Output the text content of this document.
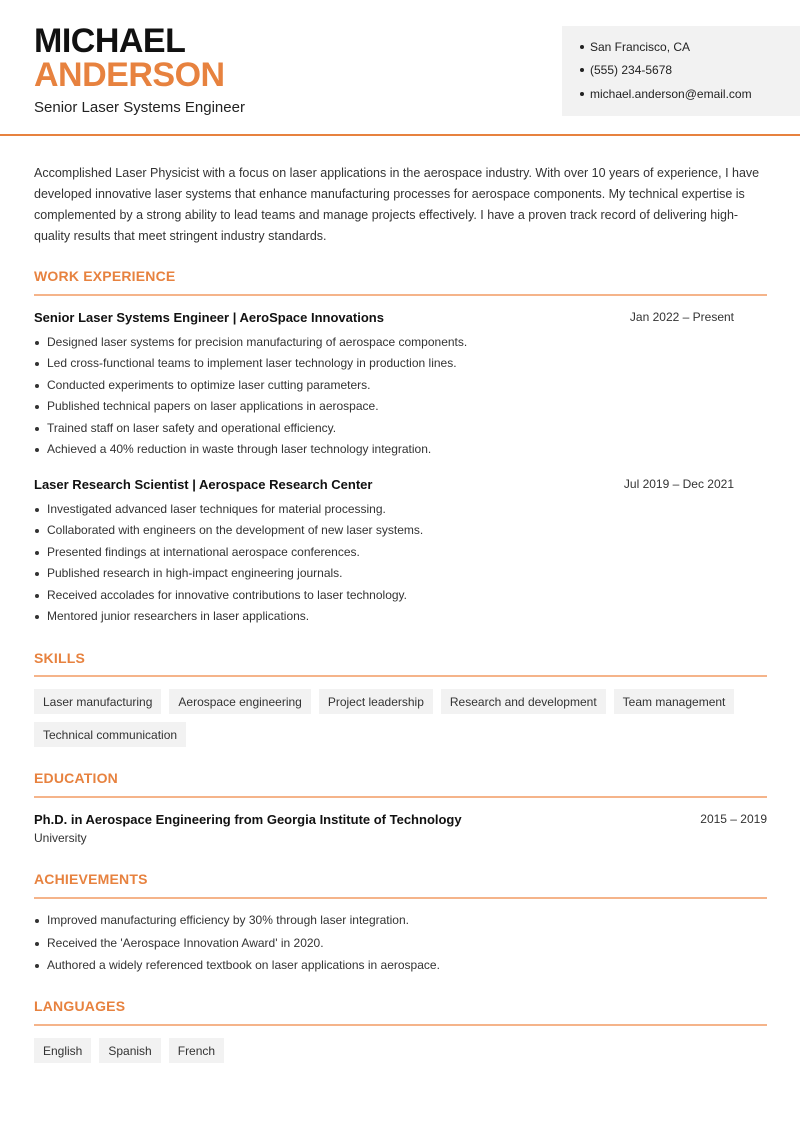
MICHAEL
ANDERSON
Senior Laser Systems Engineer
San Francisco, CA
(555) 234-5678
michael.anderson@email.com

Accomplished Laser Physicist with a focus on laser applications in the aerospace industry. With over 10 years of experience, I have developed innovative laser systems that enhance manufacturing processes for aerospace components. My technical expertise is complemented by a strong ability to lead teams and manage projects effectively. I have a proven track record of delivering high-quality results that meet stringent industry standards.

WORK EXPERIENCE
Senior Laser Systems Engineer | AeroSpace Innovations	Jan 2022 – Present
Designed laser systems for precision manufacturing of aerospace components.
Led cross-functional teams to implement laser technology in production lines.
Conducted experiments to optimize laser cutting parameters.
Published technical papers on laser applications in aerospace.
Trained staff on laser safety and operational efficiency.
Achieved a 40% reduction in waste through laser technology integration.
Laser Research Scientist | Aerospace Research Center	Jul 2019 – Dec 2021
Investigated advanced laser techniques for material processing.
Collaborated with engineers on the development of new laser systems.
Presented findings at international aerospace conferences.
Published research in high-impact engineering journals.
Received accolades for innovative contributions to laser technology.
Mentored junior researchers in laser applications.
SKILLS
Laser manufacturing Aerospace engineering Project leadership Research and development Team managementTechnical communication
EDUCATION
Ph.D. in Aerospace Engineering from Georgia Institute of Technology	2015 – 2019
University
ACHIEVEMENTS
Improved manufacturing efficiency by 30% through laser integration.
Received the 'Aerospace Innovation Award' in 2020.
Authored a widely referenced textbook on laser applications in aerospace.
LANGUAGES
English Spanish French
